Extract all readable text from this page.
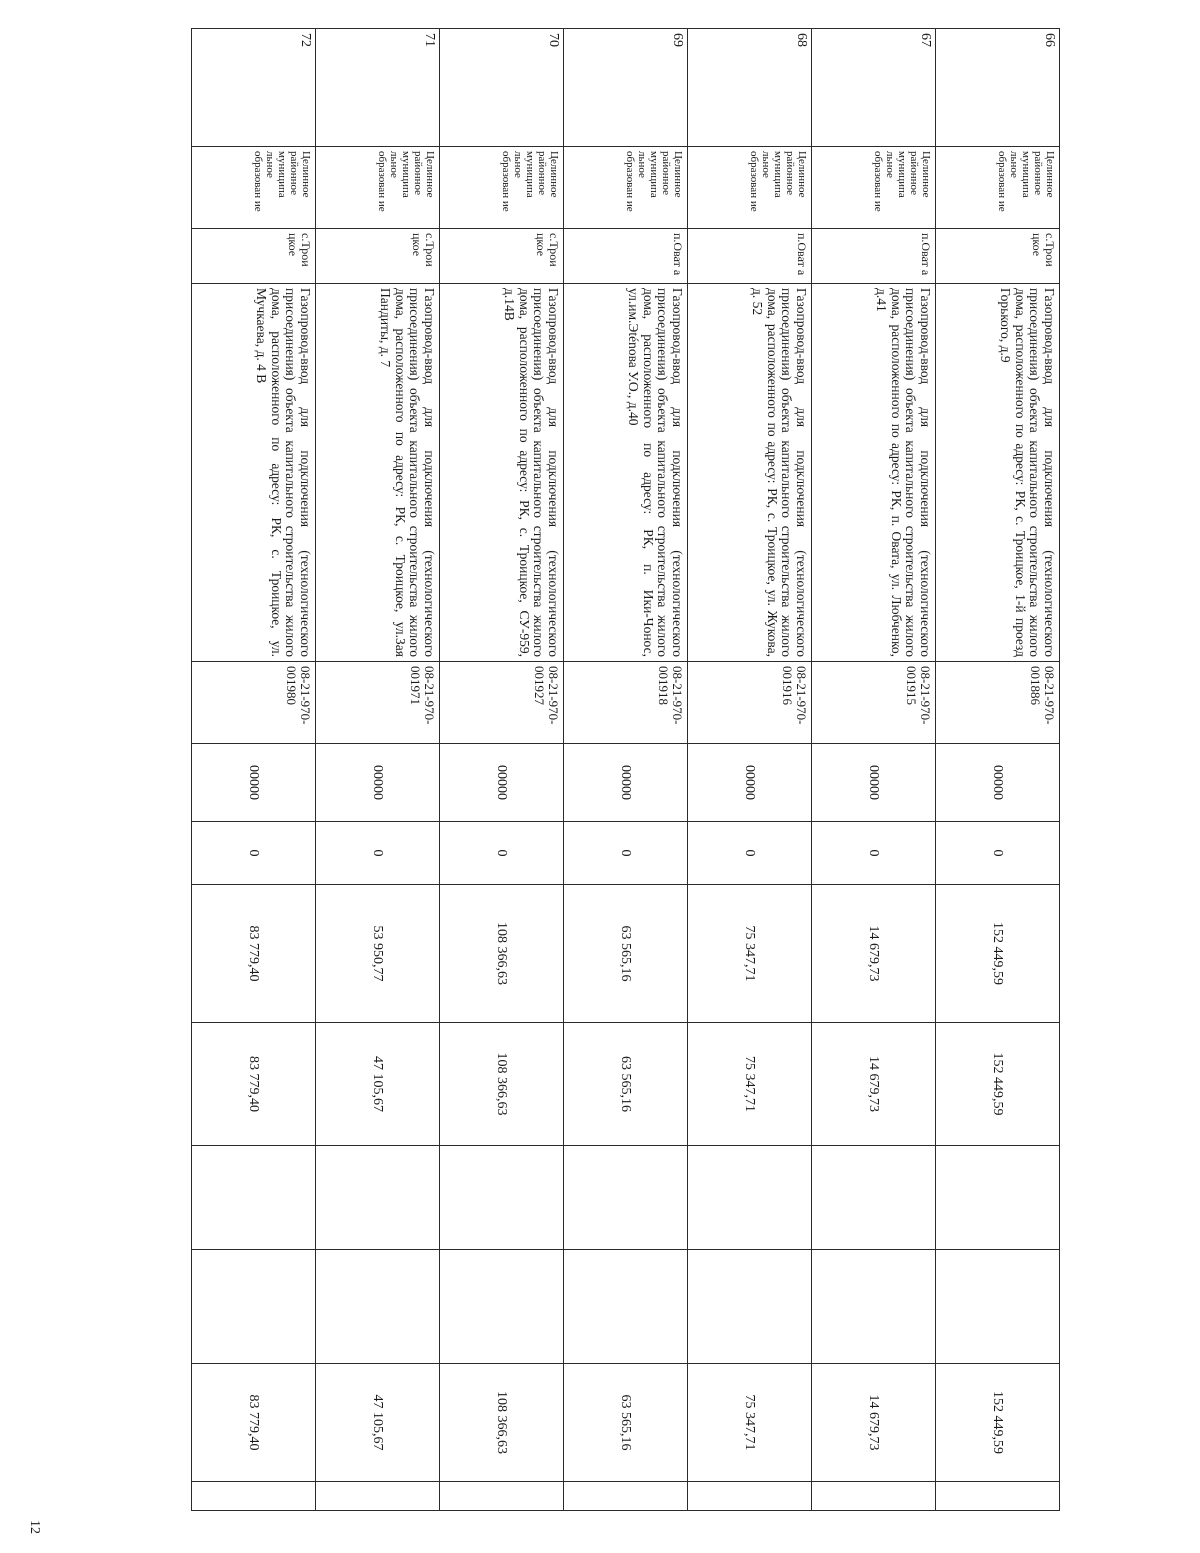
66	Целинное районное муниципа льное образован ие	с.Трои цкое	Газопровод-ввод для подключения (технологического присоединения) объекта капитального строительства жилого дома, расположенного по адресу: РК, с. Троицкое, 1-й проезд Горького, д.9	08-21-970-001886	00000	0	152 449,59	152 449,59			152 449,59	
67	Целинное районное муниципа льное образован ие	п.Оват а	Газопровод-ввод для подключения (технологического присоединения) объекта капитального строительства жилого дома, расположенного по адресу: РК, п. Овата, ул. Любченко, д.41	08-21-970-001915	00000	0	14 679,73	14 679,73			14 679,73	
68	Целинное районное муниципа льное образован ие	п.Оват а	Газопровод-ввод для подключения (технологического присоединения) объекта капитального строительства жилого дома, расположенного по адресу: РК, с. Троицкое, ул. Жукова, д. 52	08-21-970-001916	00000	0	75 347,71	75 347,71			75 347,71	
69	Целинное районное муниципа льное образован ие	п.Оват а	Газопровод-ввод для подключения (технологического присоединения) объекта капитального строительства жилого дома, расположенного по адресу: РК, п. Ики-Чонос, ул.им.Эténова У.О., д.40	08-21-970-001918	00000	0	63 565,16	63 565,16			63 565,16	
70	Целинное районное муниципа льное образован ие	с.Трои цкое	Газопровод-ввод для подключения (технологического присоединения) объекта капитального строительства жилого дома, расположенного по адресу: РК, с. Троицкое, СУ-959, д.14В	08-21-970-001927	00000	0	108 366,63	108 366,63			108 366,63	
71	Целинное районное муниципа льное образован ие	с.Трои цкое	Газопровод-ввод для подключения (технологического присоединения) объекта капитального строительства жилого дома, расположенного по адресу: РК, с. Троицкое, ул.Зая Пандиты, д. 7	08-21-970-001971	00000	0	53 950,77	47 105,67			47 105,67	
72	Целинное районное муниципа льное образован ие	с.Трои цкое	Газопровод-ввод для подключения (технологического присоединения) объекта капитального строительства жилого дома, расположенного по адресу: РК, с. Троицкое, ул. Мучкаева, д. 4 В	08-21-970-001980	00000	0	83 779,40	83 779,40			83 779,40	
12
